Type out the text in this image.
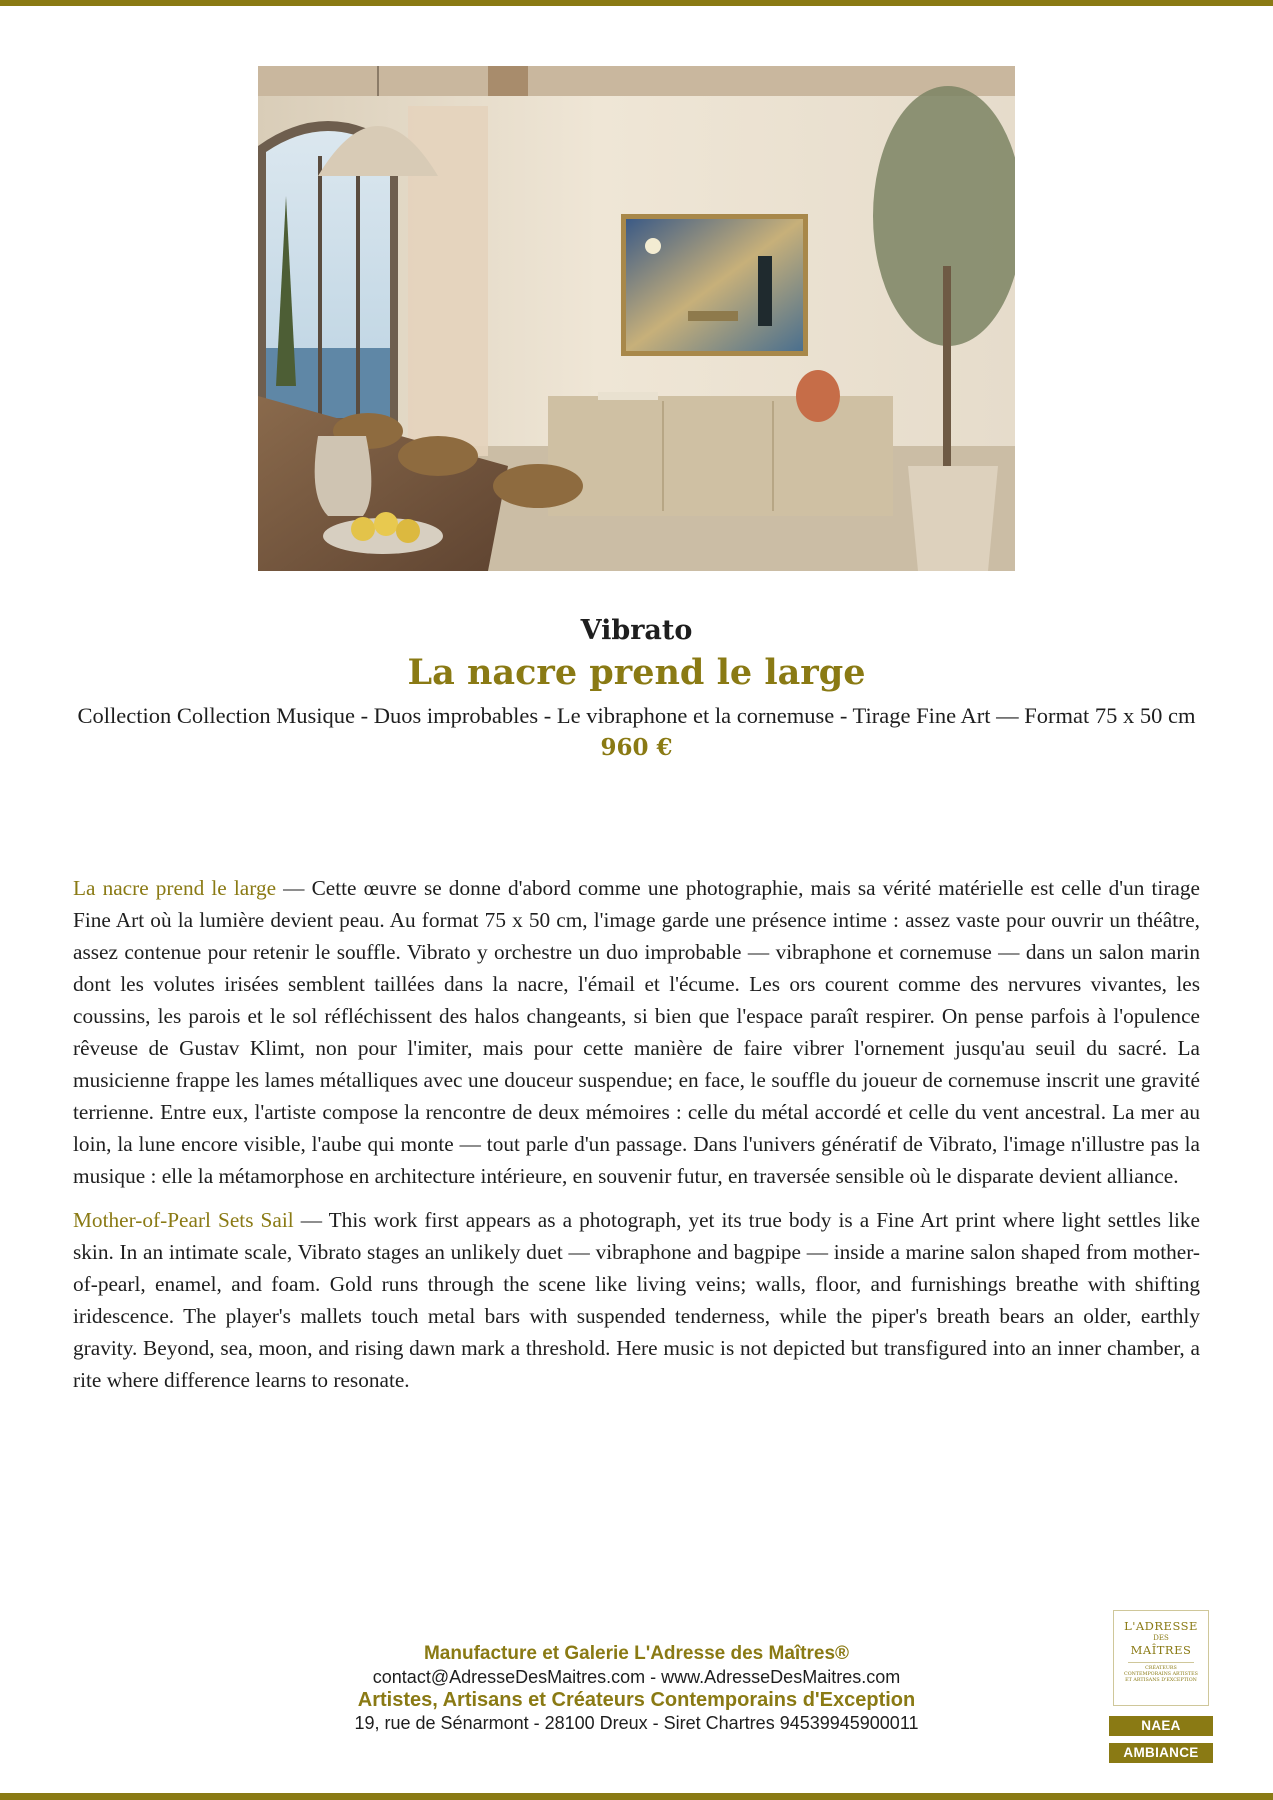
Vibrato
La nacre prend le large
Collection Collection Musique - Duos improbables - Le vibraphone et la cornemuse - Tirage Fine Art — Format 75 x 50 cm
960 €

La nacre prend le large — Cette œuvre se donne d'abord comme une photographie, mais sa vérité matérielle est celle d'un tirage Fine Art où la lumière devient peau. Au format 75 x 50 cm, l'image garde une présence intime : assez vaste pour ouvrir un théâtre, assez contenue pour retenir le souffle. Vibrato y orchestre un duo improbable — vibraphone et cornemuse — dans un salon marin dont les volutes irisées semblent taillées dans la nacre, l'émail et l'écume. Les ors courent comme des nervures vivantes, les coussins, les parois et le sol réfléchissent des halos changeants, si bien que l'espace paraît respirer. On pense parfois à l'opulence rêveuse de Gustav Klimt, non pour l'imiter, mais pour cette manière de faire vibrer l'ornement jusqu'au seuil du sacré. La musicienne frappe les lames métalliques avec une douceur suspendue; en face, le souffle du joueur de cornemuse inscrit une gravité terrienne. Entre eux, l'artiste compose la rencontre de deux mémoires : celle du métal accordé et celle du vent ancestral. La mer au loin, la lune encore visible, l'aube qui monte — tout parle d'un passage. Dans l'univers génératif de Vibrato, l'image n'illustre pas la musique : elle la métamorphose en architecture intérieure, en souvenir futur, en traversée sensible où le disparate devient alliance.

Mother-of-Pearl Sets Sail — This work first appears as a photograph, yet its true body is a Fine Art print where light settles like skin. In an intimate scale, Vibrato stages an unlikely duet — vibraphone and bagpipe — inside a marine salon shaped from mother-of-pearl, enamel, and foam. Gold runs through the scene like living veins; walls, floor, and furnishings breathe with shifting iridescence. The player's mallets touch metal bars with suspended tenderness, while the piper's breath bears an older, earthly gravity. Beyond, sea, moon, and rising dawn mark a threshold. Here music is not depicted but transfigured into an inner chamber, a rite where difference learns to resonate.

Manufacture et Galerie L'Adresse des Maîtres®
contact@AdresseDesMaitres.com - www.AdresseDesMaitres.com
Artistes, Artisans et Créateurs Contemporains d'Exception
19, rue de Sénarmont - 28100 Dreux - Siret Chartres 94539945900011
L'ADRESSE
DES
MAÎTRES
CRÉATEURS CONTEMPORAINS ARTISTES ET ARTISANS D'EXCEPTION
NAEA
AMBIANCE
